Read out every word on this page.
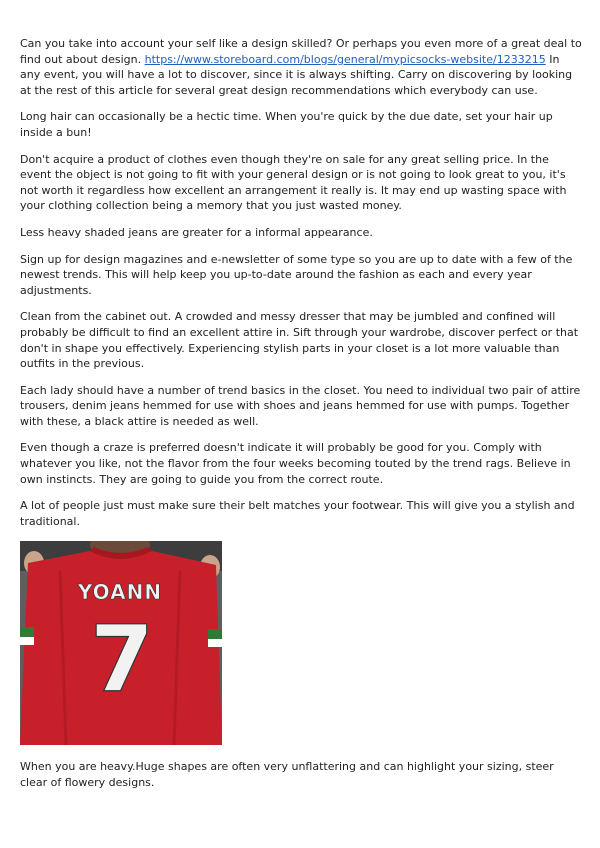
Can you take into account your self like a design skilled? Or perhaps you even more of a great deal to find out about design. https://www.storeboard.com/blogs/general/mypicsocks-website/1233215 In any event, you will have a lot to discover, since it is always shifting. Carry on discovering by looking at the rest of this article for several great design recommendations which everybody can use.

Long hair can occasionally be a hectic time. When you're quick by the due date, set your hair up inside a bun!

Don't acquire a product of clothes even though they're on sale for any great selling price. In the event the object is not going to fit with your general design or is not going to look great to you, it's not worth it regardless how excellent an arrangement it really is. It may end up wasting space with your clothing collection being a memory that you just wasted money.

Less heavy shaded jeans are greater for a informal appearance.

Sign up for design magazines and e-newsletter of some type so you are up to date with a few of the newest trends. This will help keep you up-to-date around the fashion as each and every year adjustments.

Clean from the cabinet out. A crowded and messy dresser that may be jumbled and confined will probably be difficult to find an excellent attire in. Sift through your wardrobe, discover perfect or that don't in shape you effectively. Experiencing stylish parts in your closet is a lot more valuable than outfits in the previous.

Each lady should have a number of trend basics in the closet. You need to individual two pair of attire trousers, denim jeans hemmed for use with shoes and jeans hemmed for use with pumps. Together with these, a black attire is needed as well.

Even though a craze is preferred doesn't indicate it will probably be good for you. Comply with whatever you like, not the flavor from the four weeks becoming touted by the trend rags. Believe in own instincts. They are going to guide you from the correct route.

A lot of people just must make sure their belt matches your footwear. This will give you a stylish and traditional.

YOANN
7

When you are heavy.Huge shapes are often very unflattering and can highlight your sizing, steer clear of flowery designs.
